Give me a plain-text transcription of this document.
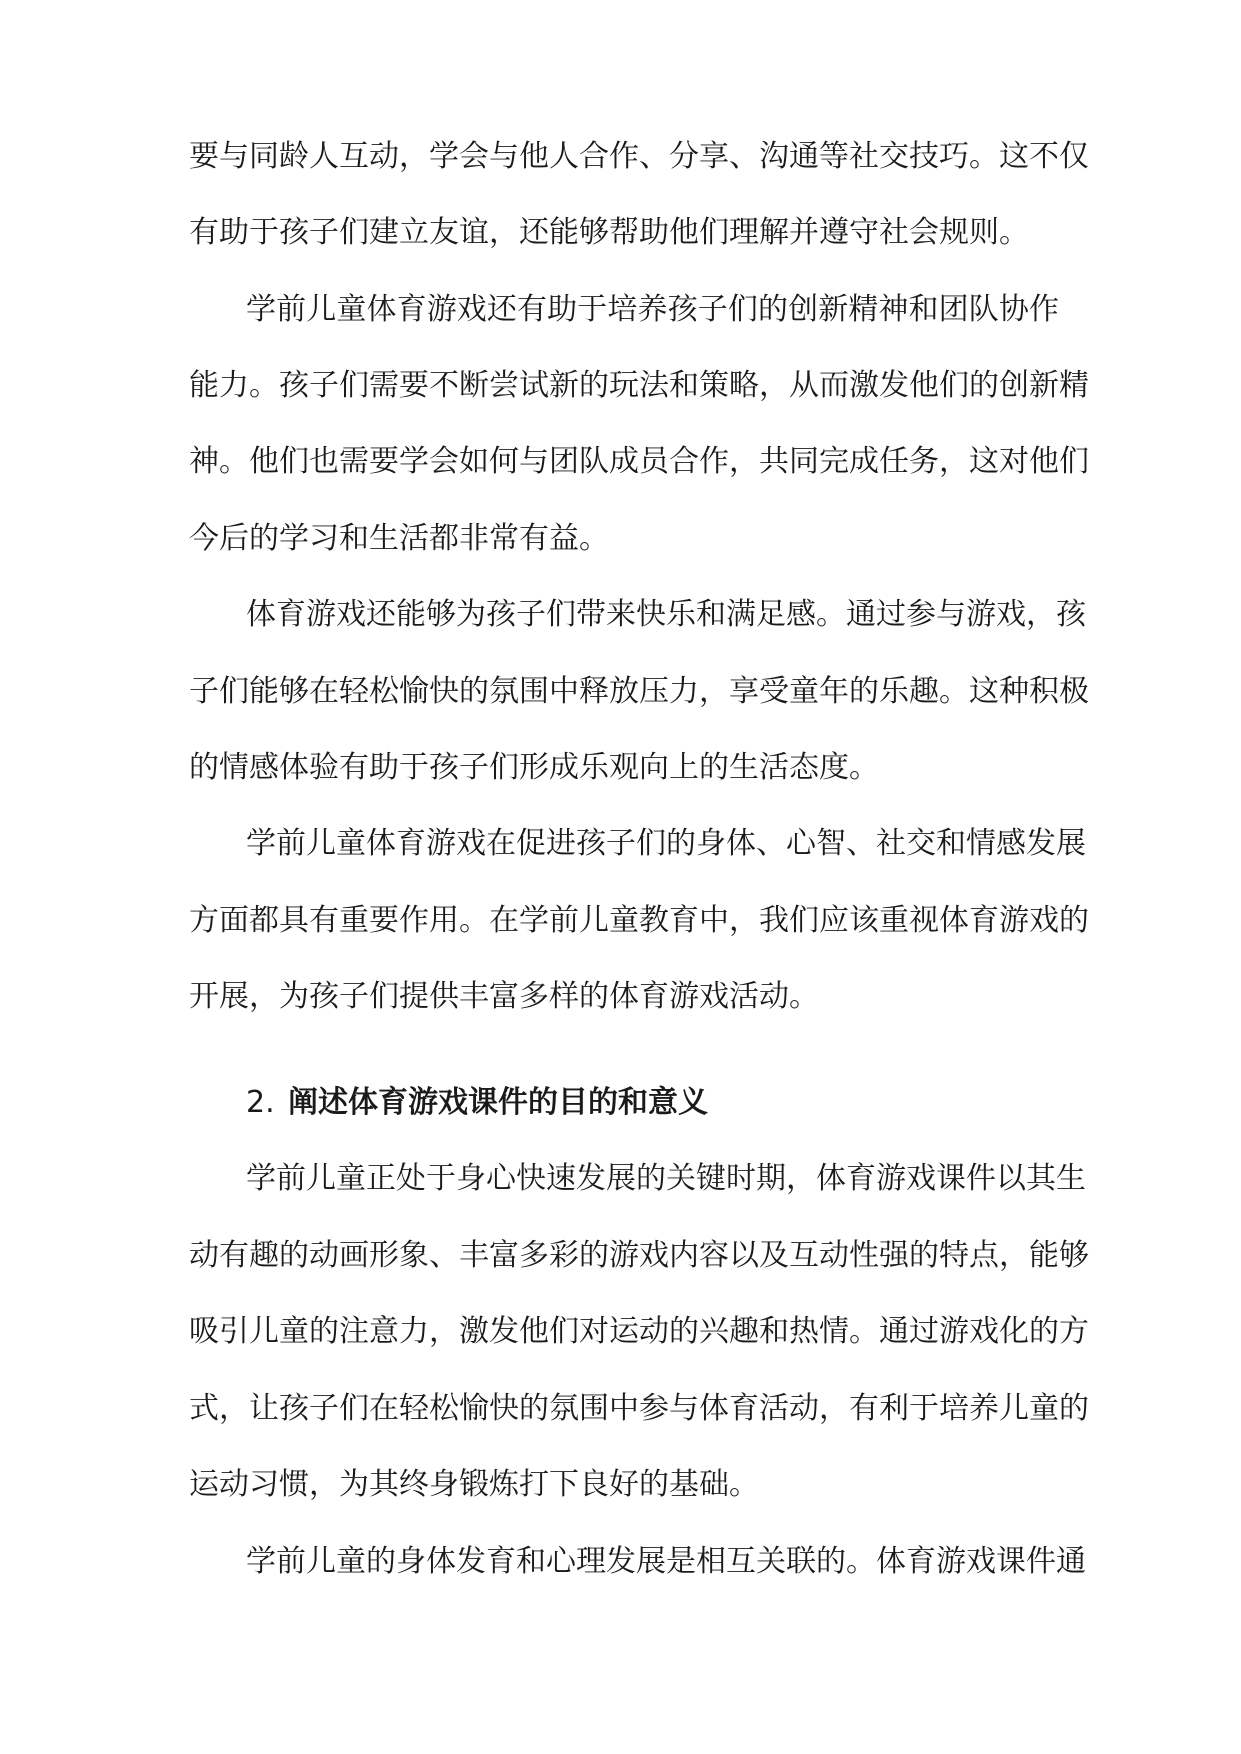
要与同龄人互动，学会与他人合作、分享、沟通等社交技巧。这不仅
有助于孩子们建立友谊，还能够帮助他们理解并遵守社会规则。
学前儿童体育游戏还有助于培养孩子们的创新精神和团队协作
能力。孩子们需要不断尝试新的玩法和策略，从而激发他们的创新精
神。他们也需要学会如何与团队成员合作，共同完成任务，这对他们
今后的学习和生活都非常有益。
体育游戏还能够为孩子们带来快乐和满足感。通过参与游戏，孩
子们能够在轻松愉快的氛围中释放压力，享受童年的乐趣。这种积极
的情感体验有助于孩子们形成乐观向上的生活态度。
学前儿童体育游戏在促进孩子们的身体、心智、社交和情感发展
方面都具有重要作用。在学前儿童教育中，我们应该重视体育游戏的
开展，为孩子们提供丰富多样的体育游戏活动。
2. 阐述体育游戏课件的目的和意义
学前儿童正处于身心快速发展的关键时期，体育游戏课件以其生
动有趣的动画形象、丰富多彩的游戏内容以及互动性强的特点，能够
吸引儿童的注意力，激发他们对运动的兴趣和热情。通过游戏化的方
式，让孩子们在轻松愉快的氛围中参与体育活动，有利于培养儿童的
运动习惯，为其终身锻炼打下良好的基础。
学前儿童的身体发育和心理发展是相互关联的。体育游戏课件通
